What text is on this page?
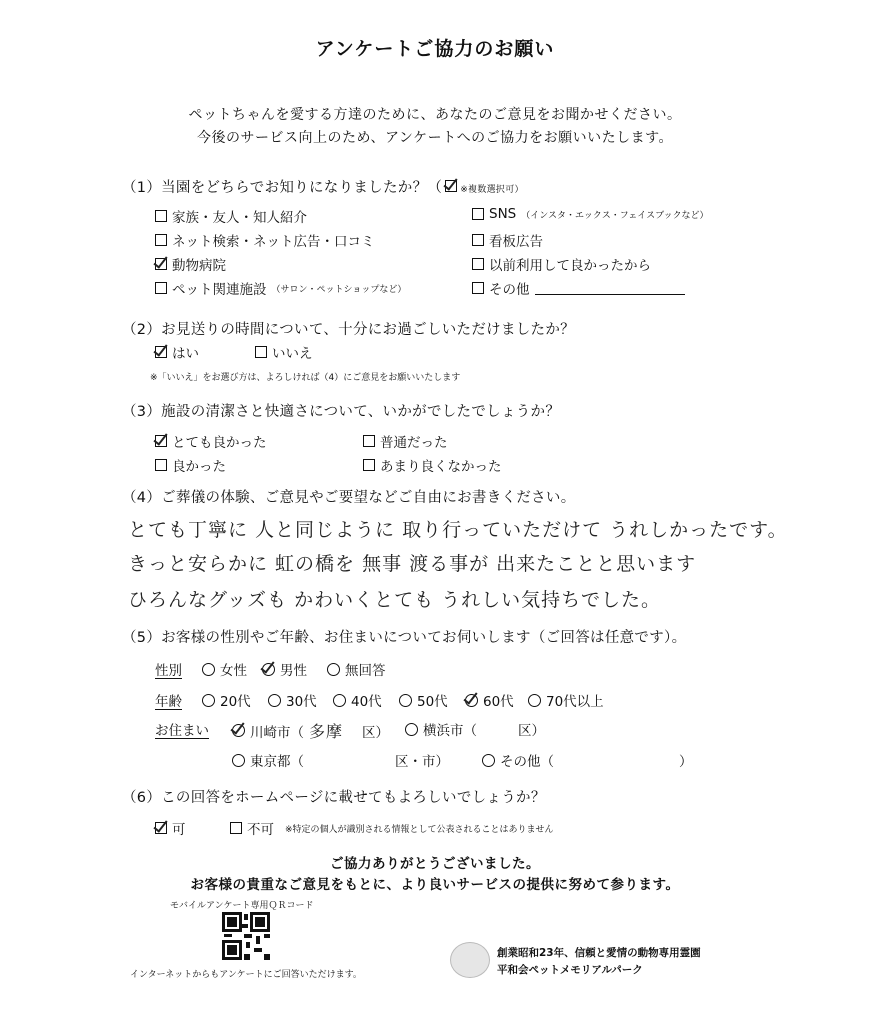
アンケートご協力のお願い
ペットちゃんを愛する方達のために、あなたのご意見をお聞かせください。
今後のサービス向上のため、アンケートへのご協力をお願いいたします。
（1）当園をどちらでお知りになりましたか？（ ※複数選択可）
家族・友人・知人紹介
ネット検索・ネット広告・口コミ
動物病院
ペット関連施設 （サロン・ペットショップなど）
SNS （インスタ・エックス・フェイスブックなど）
看板広告
以前利用して良かったから
その他
（2）お見送りの時間について、十分にお過ごしいただけましたか？
はい	いいえ
※「いいえ」をお選び方は、よろしければ（4）にご意見をお願いいたします
（3）施設の清潔さと快適さについて、いかがでしたでしょうか？
とても良かった	普通だった
良かった	あまり良くなかった
（4）ご葬儀の体験、ご意見やご要望などご自由にお書きください。
とても丁寧に 人と同じように 取り行っていただけて うれしかったです。
きっと安らかに 虹の橋を 無事 渡る事が 出来たことと思います
ひろんなグッズも かわいくとても うれしい気持ちでした。
（5）お客様の性別やご年齢、お住まいについてお伺いします（ご回答は任意です）。
性別	女性 男性	無回答
年齢	20代	30代	40代	50代	60代 70代以上
お住まい	川崎市（ 多摩 区）	横浜市（	区）
東京都（	区・市）	その他（	）
（6）この回答をホームページに載せてもよろしいでしょうか？
可	不可 ※特定の個人が識別される情報として公表されることはありません
ご協力ありがとうございました。
お客様の貴重なご意見をもとに、より良いサービスの提供に努めて参ります。
モバイルアンケート専用ＱＲコード
インターネットからもアンケートにご回答いただけます。
創業昭和23年、信頼と愛情の動物専用霊園
平和会ペットメモリアルパーク
